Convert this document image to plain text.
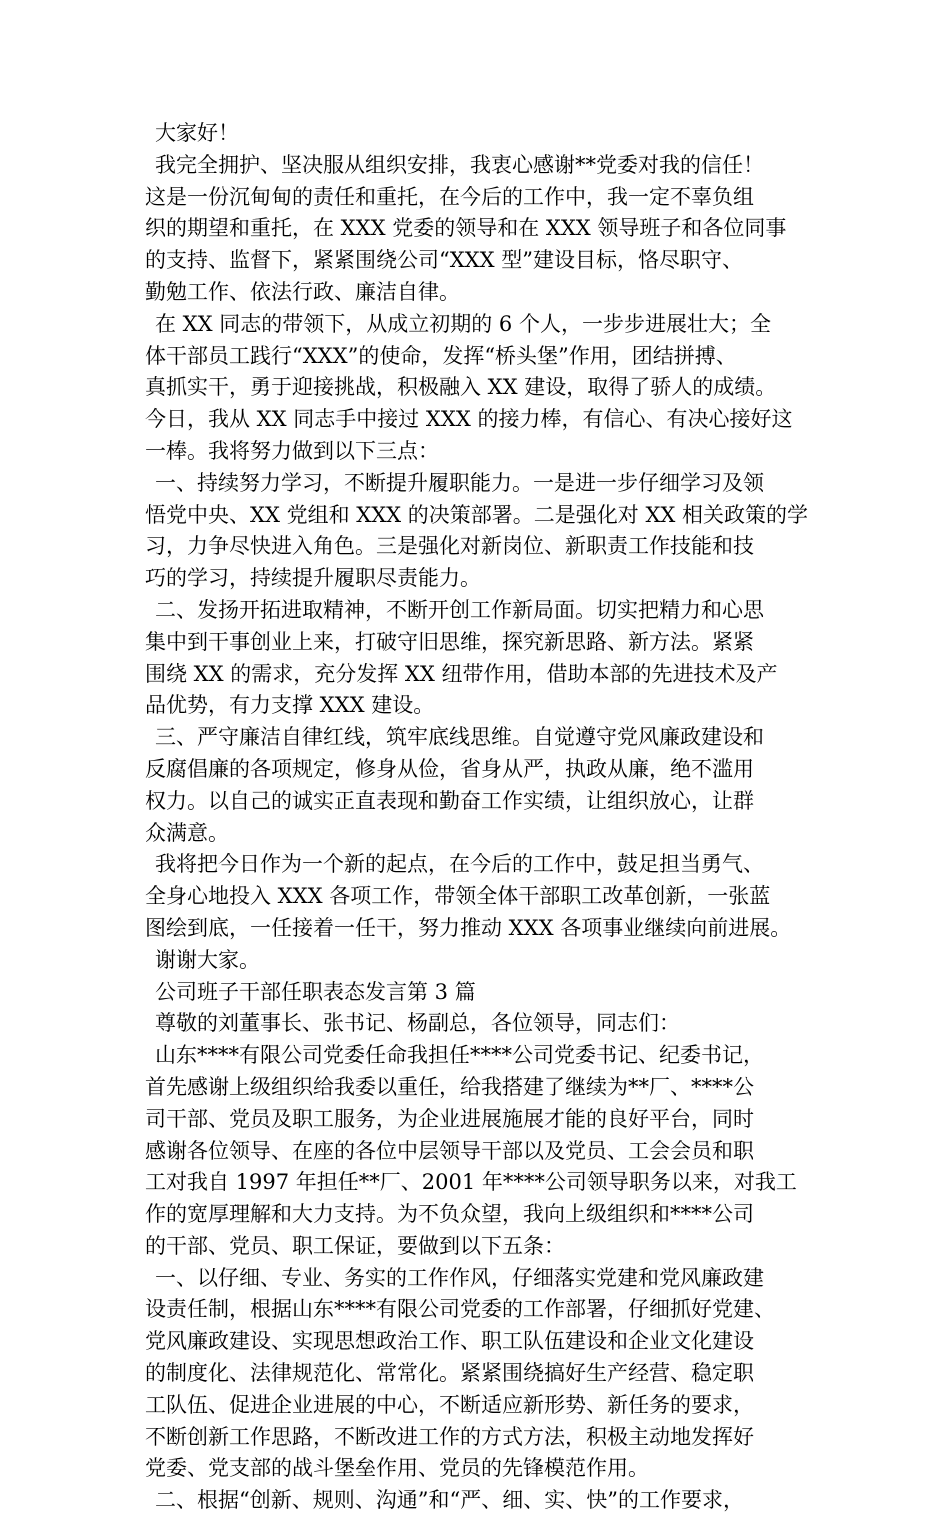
大家好！
我完全拥护、坚决服从组织安排，我衷心感谢**党委对我的信任！
这是一份沉甸甸的责任和重托，在今后的工作中，我一定不辜负组
织的期望和重托，在 XXX 党委的领导和在 XXX 领导班子和各位同事
的支持、监督下，紧紧围绕公司“XXX 型”建设目标，恪尽职守、
勤勉工作、依法行政、廉洁自律。
在 XX 同志的带领下，从成立初期的 6 个人，一步步进展壮大；全
体干部员工践行“XXX”的使命，发挥“桥头堡”作用，团结拼搏、
真抓实干，勇于迎接挑战，积极融入 XX 建设，取得了骄人的成绩。
今日，我从 XX 同志手中接过 XXX 的接力棒，有信心、有决心接好这
一棒。我将努力做到以下三点：
一、持续努力学习，不断提升履职能力。一是进一步仔细学习及领
悟党中央、XX 党组和 XXX 的决策部署。二是强化对 XX 相关政策的学
习，力争尽快进入角色。三是强化对新岗位、新职责工作技能和技
巧的学习，持续提升履职尽责能力。
二、发扬开拓进取精神，不断开创工作新局面。切实把精力和心思
集中到干事创业上来，打破守旧思维，探究新思路、新方法。紧紧
围绕 XX 的需求，充分发挥 XX 纽带作用，借助本部的先进技术及产
品优势，有力支撑 XXX 建设。
三、严守廉洁自律红线，筑牢底线思维。自觉遵守党风廉政建设和
反腐倡廉的各项规定，修身从俭，省身从严，执政从廉，绝不滥用
权力。以自己的诚实正直表现和勤奋工作实绩，让组织放心，让群
众满意。
我将把今日作为一个新的起点，在今后的工作中，鼓足担当勇气、
全身心地投入 XXX 各项工作，带领全体干部职工改革创新，一张蓝
图绘到底，一任接着一任干，努力推动 XXX 各项事业继续向前进展。
谢谢大家。
公司班子干部任职表态发言第 3 篇
尊敬的刘董事长、张书记、杨副总，各位领导，同志们：
山东****有限公司党委任命我担任****公司党委书记、纪委书记，
首先感谢上级组织给我委以重任，给我搭建了继续为**厂、****公
司干部、党员及职工服务，为企业进展施展才能的良好平台，同时
感谢各位领导、在座的各位中层领导干部以及党员、工会会员和职
工对我自 1997 年担任**厂、2001 年****公司领导职务以来，对我工
作的宽厚理解和大力支持。为不负众望，我向上级组织和****公司
的干部、党员、职工保证，要做到以下五条：
一、以仔细、专业、务实的工作作风，仔细落实党建和党风廉政建
设责任制，根据山东****有限公司党委的工作部署，仔细抓好党建、
党风廉政建设、实现思想政治工作、职工队伍建设和企业文化建设
的制度化、法律规范化、常常化。紧紧围绕搞好生产经营、稳定职
工队伍、促进企业进展的中心，不断适应新形势、新任务的要求，
不断创新工作思路，不断改进工作的方式方法，积极主动地发挥好
党委、党支部的战斗堡垒作用、党员的先锋模范作用。
二、根据“创新、规则、沟通”和“严、细、实、快”的工作要求，
